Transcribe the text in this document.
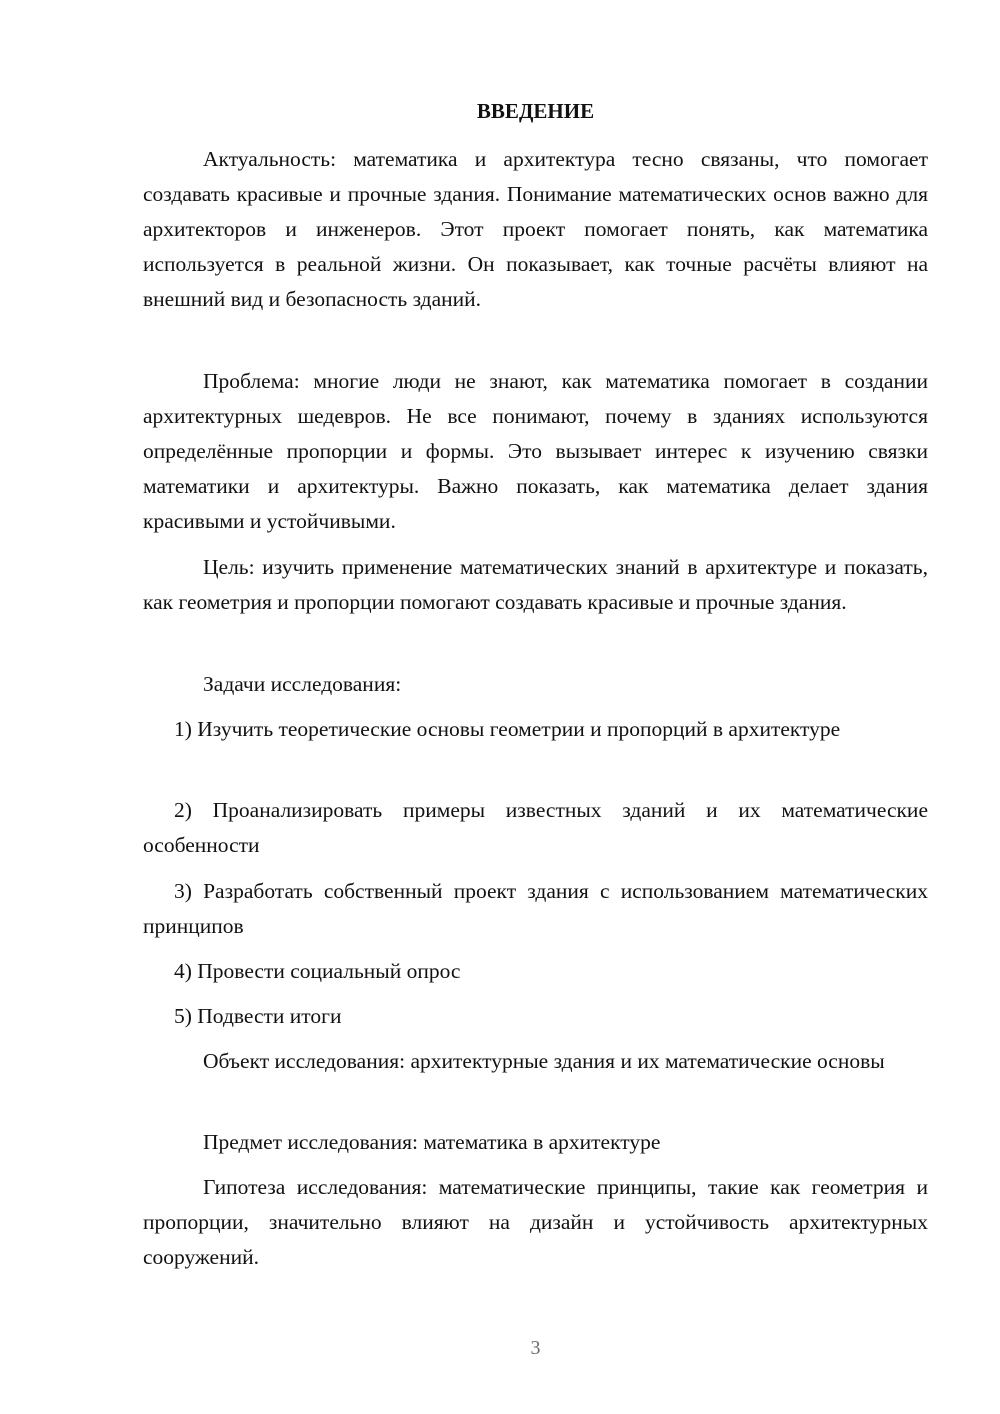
ВВЕДЕНИЕ

Актуальность: математика и архитектура тесно связаны, что помогает создавать красивые и прочные здания. Понимание математических основ важно для архитекторов и инженеров. Этот проект помогает понять, как математика используется в реальной жизни. Он показывает, как точные расчёты влияют на внешний вид и безопасность зданий.

Проблема: многие люди не знают, как математика помогает в создании архитектурных шедевров. Не все понимают, почему в зданиях используются определённые пропорции и формы. Это вызывает интерес к изучению связки математики и архитектуры. Важно показать, как математика делает здания красивыми и устойчивыми.

Цель: изучить применение математических знаний в архитектуре и показать, как геометрия и пропорции помогают создавать красивые и прочные здания.

Задачи исследования:

1) Изучить теоретические основы геометрии и пропорций в архитектуре

2) Проанализировать примеры известных зданий и их математические особенности

3) Разработать собственный проект здания с использованием математических принципов

4) Провести социальный опрос

5) Подвести итоги

Объект исследования: архитектурные здания и их математические основы

Предмет исследования: математика в архитектуре

Гипотеза исследования: математические принципы, такие как геометрия и пропорции, значительно влияют на дизайн и устойчивость архитектурных сооружений.

3
